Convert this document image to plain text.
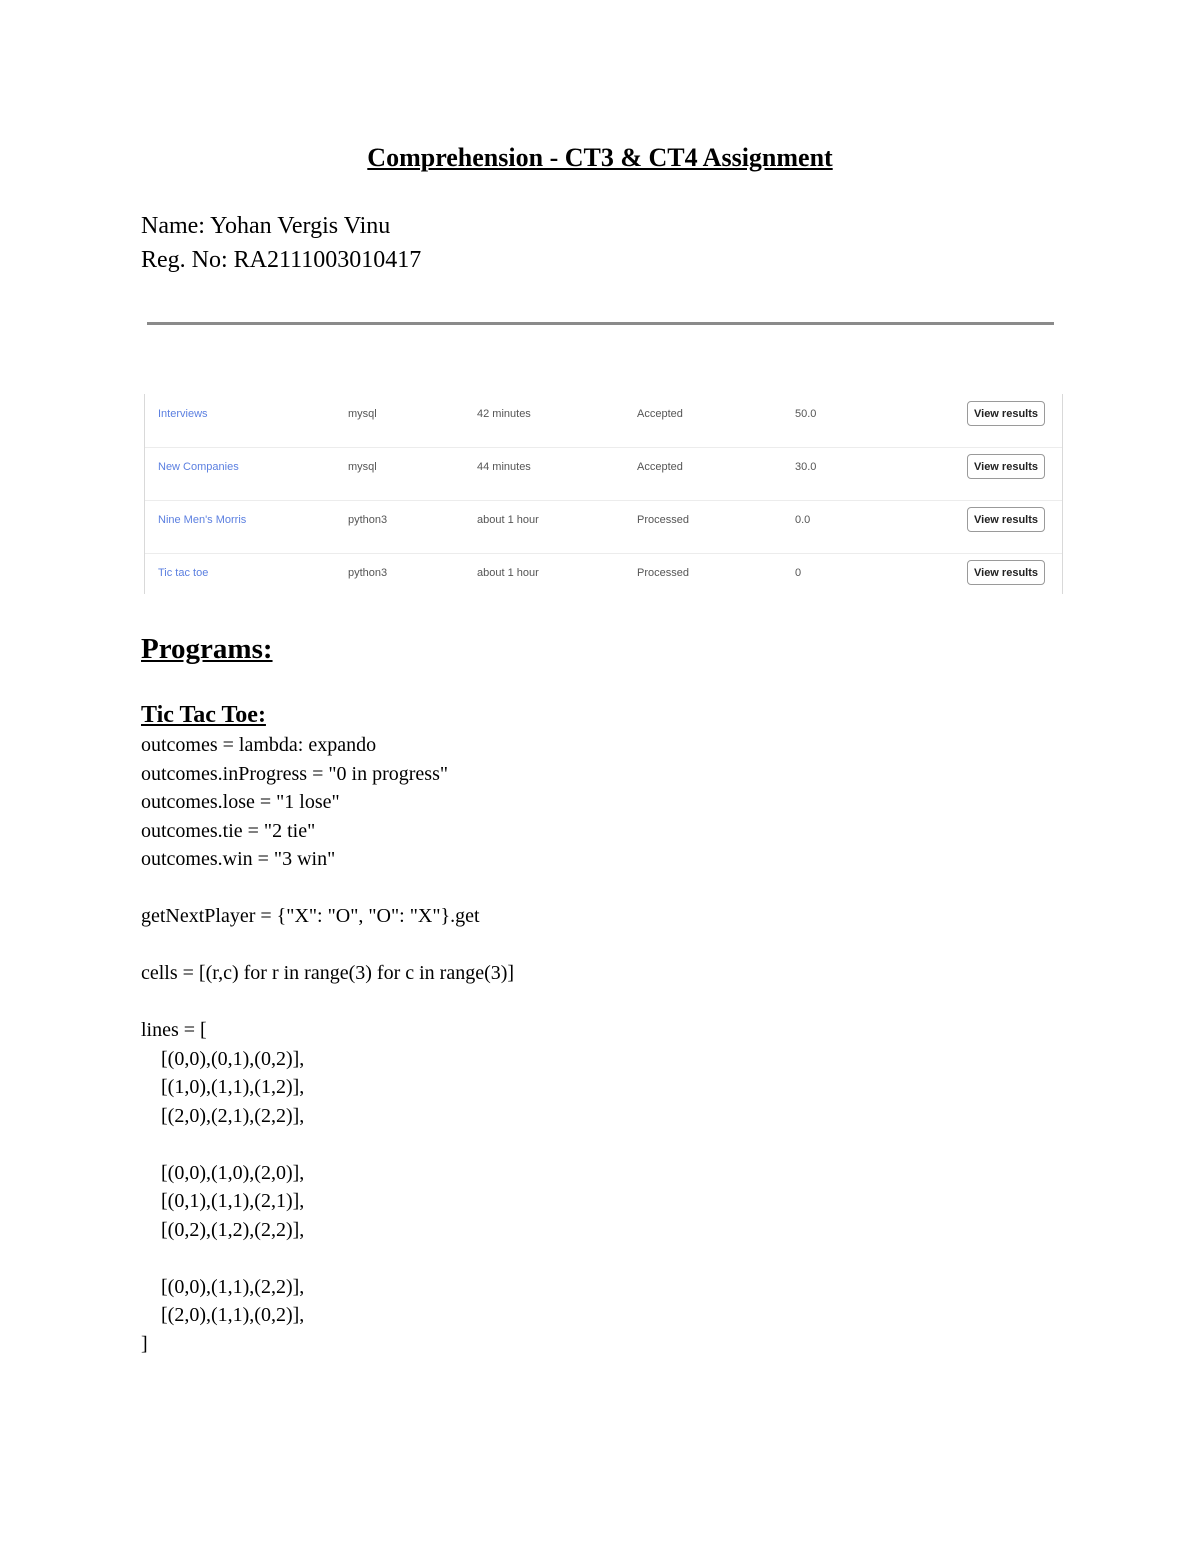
Comprehension - CT3 & CT4 Assignment
Name: Yohan Vergis Vinu
Reg. No: RA2111003010417
Interviews	mysql	42 minutes	Accepted	50.0	View results
New Companies	mysql	44 minutes	Accepted	30.0	View results
Nine Men's Morris	python3	about 1 hour	Processed	0.0	View results
Tic tac toe	python3	about 1 hour	Processed	0	View results
Programs:
Tic Tac Toe:
outcomes = lambda: expando
outcomes.inProgress = "0 in progress"
outcomes.lose = "1 lose"
outcomes.tie = "2 tie"
outcomes.win = "3 win"

getNextPlayer = {"X": "O", "O": "X"}.get

cells = [(r,c) for r in range(3) for c in range(3)]

lines = [
[(0,0),(0,1),(0,2)],
[(1,0),(1,1),(1,2)],
[(2,0),(2,1),(2,2)],

[(0,0),(1,0),(2,0)],
[(0,1),(1,1),(2,1)],
[(0,2),(1,2),(2,2)],

[(0,0),(1,1),(2,2)],
[(2,0),(1,1),(0,2)],
]
